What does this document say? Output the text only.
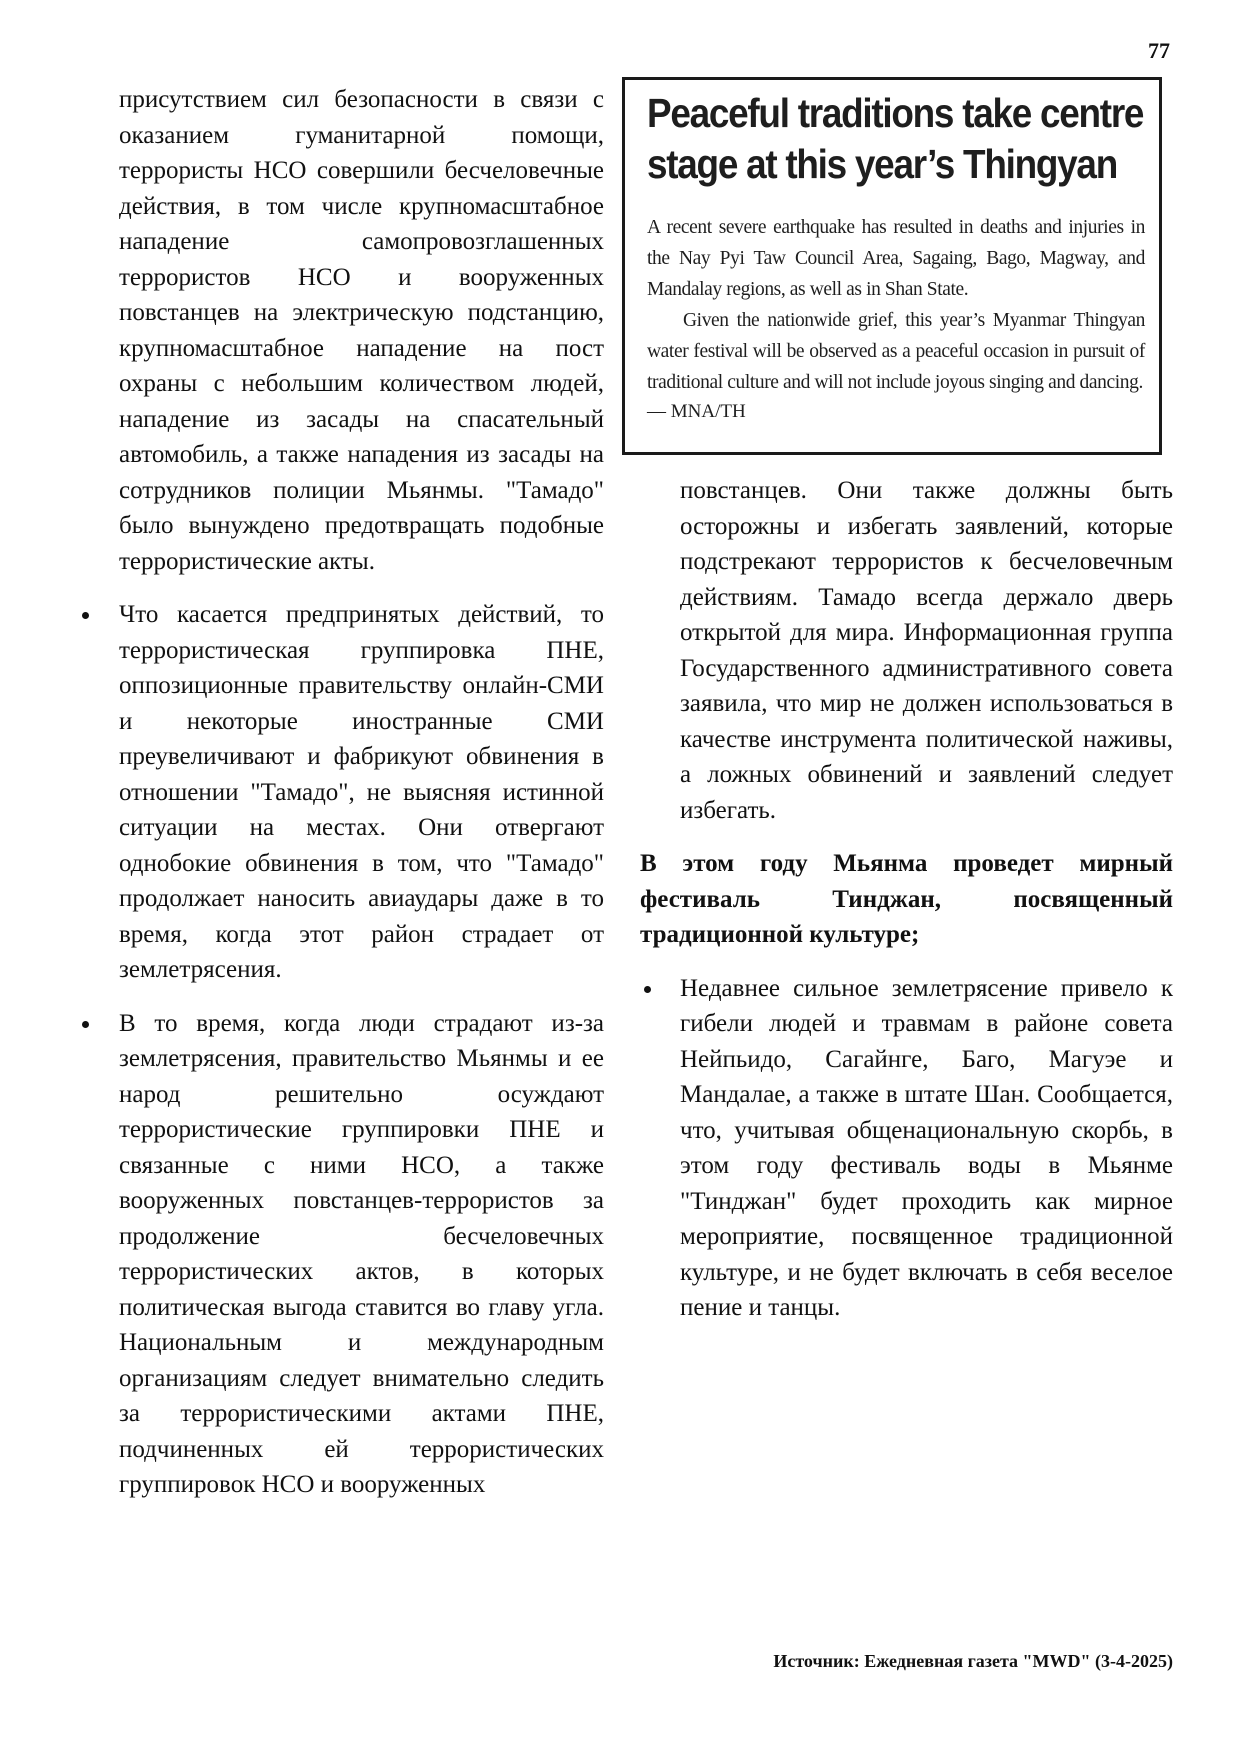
77

присутствием сил безопасности в связи с оказанием гуманитарной помощи, террористы НСО совершили бесчеловечные действия, в том числе крупномасштабное нападение самопровозглашенных террористов НСО и вооруженных повстанцев на электрическую подстанцию, крупномасштабное нападение на пост охраны с небольшим количеством людей, нападение из засады на спасательный автомобиль, а также нападения из засады на сотрудников полиции Мьянмы. "Тамадо" было вынуждено предотвращать подобные террористические акты.

Что касается предпринятых действий, то террористическая группировка ПНЕ, оппозиционные правительству онлайн-СМИ и некоторые иностранные СМИ преувеличивают и фабрикуют обвинения в отношении "Тамадо", не выясняя истинной ситуации на местах. Они отвергают однобокие обвинения в том, что "Тамадо" продолжает наносить авиаудары даже в то время, когда этот район страдает от землетрясения.
В то время, когда люди страдают из-за землетрясения, правительство Мьянмы и ее народ решительно осуждают террористические группировки ПНЕ и связанные с ними НСО, а также вооруженных повстанцев-террористов за продолжение бесчеловечных террористических актов, в которых политическая выгода ставится во главу угла. Национальным и международным организациям следует внимательно следить за террористическими актами ПНЕ, подчиненных ей террористических группировок НСО и вооруженных
Peaceful traditions take centre stage at this year’s Thingyan

A recent severe earthquake has resulted in deaths and injuries in the Nay Pyi Taw Council Area, Sagaing, Bago, Magway, and Mandalay regions, as well as in Shan State.

Given the nationwide grief, this year’s Myanmar Thingyan water festival will be observed as a peaceful occasion in pursuit of traditional culture and will not include joyous singing and dancing.

— MNA/TH

повстанцев. Они также должны быть осторожны и избегать заявлений, которые подстрекают террористов к бесчеловечным действиям. Тамадо всегда держало дверь открытой для мира. Информационная группа Государственного административного совета заявила, что мир не должен использоваться в качестве инструмента политической наживы, а ложных обвинений и заявлений следует избегать.

В этом году Мьянма проведет мирный фестиваль Тинджан, посвященный традиционной культуре;
Недавнее сильное землетрясение привело к гибели людей и травмам в районе совета Нейпьидо, Сагайнге, Баго, Магуэе и Мандалае, а также в штате Шан. Сообщается, что, учитывая общенациональную скорбь, в этом году фестиваль воды в Мьянме "Тинджан" будет проходить как мирное мероприятие, посвященное традиционной культуре, и не будет включать в себя веселое пение и танцы.
Источник: Ежедневная газета "MWD" (3-4-2025)
